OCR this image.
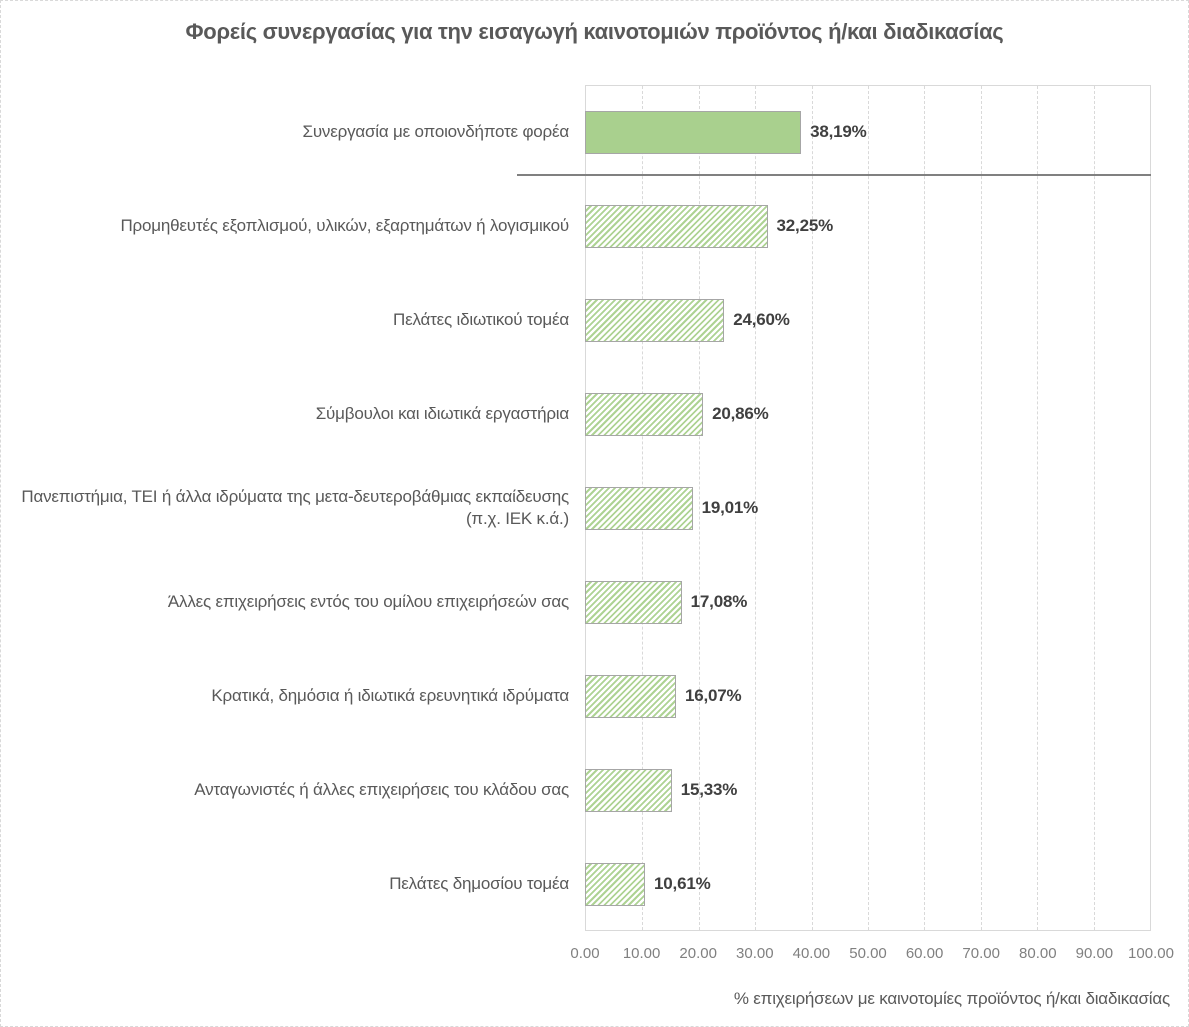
Φορείς συνεργασίας για την εισαγωγή καινοτομιών προϊόντος ή/και διαδικασίας
Συνεργασία με οποιονδήποτε φορέα	38,19%
Προμηθευτές εξοπλισμού, υλικών, εξαρτημάτων ή λογισμικού	32,25%
Πελάτες ιδιωτικού τομέα	24,60%
Σύμβουλοι και ιδιωτικά εργαστήρια	20,86%
Πανεπιστήμια, ΤΕΙ ή άλλα ιδρύματα της μετα-δευτεροβάθμιας εκπαίδευσης (π.χ. ΙΕΚ κ.ά.)
19,01%
Άλλες επιχειρήσεις εντός του ομίλου επιχειρήσεών σας	17,08%
Κρατικά, δημόσια ή ιδιωτικά ερευνητικά ιδρύματα	16,07%
Ανταγωνιστές ή άλλες επιχειρήσεις του κλάδου σας	15,33%
Πελάτες δημοσίου τομέα	10,61%
0.00 10.00 20.00 30.00 40.00 50.00 60.00 70.00 80.00 90.00 100.00
% επιχειρήσεων με καινοτομίες προϊόντος ή/και διαδικασίας
